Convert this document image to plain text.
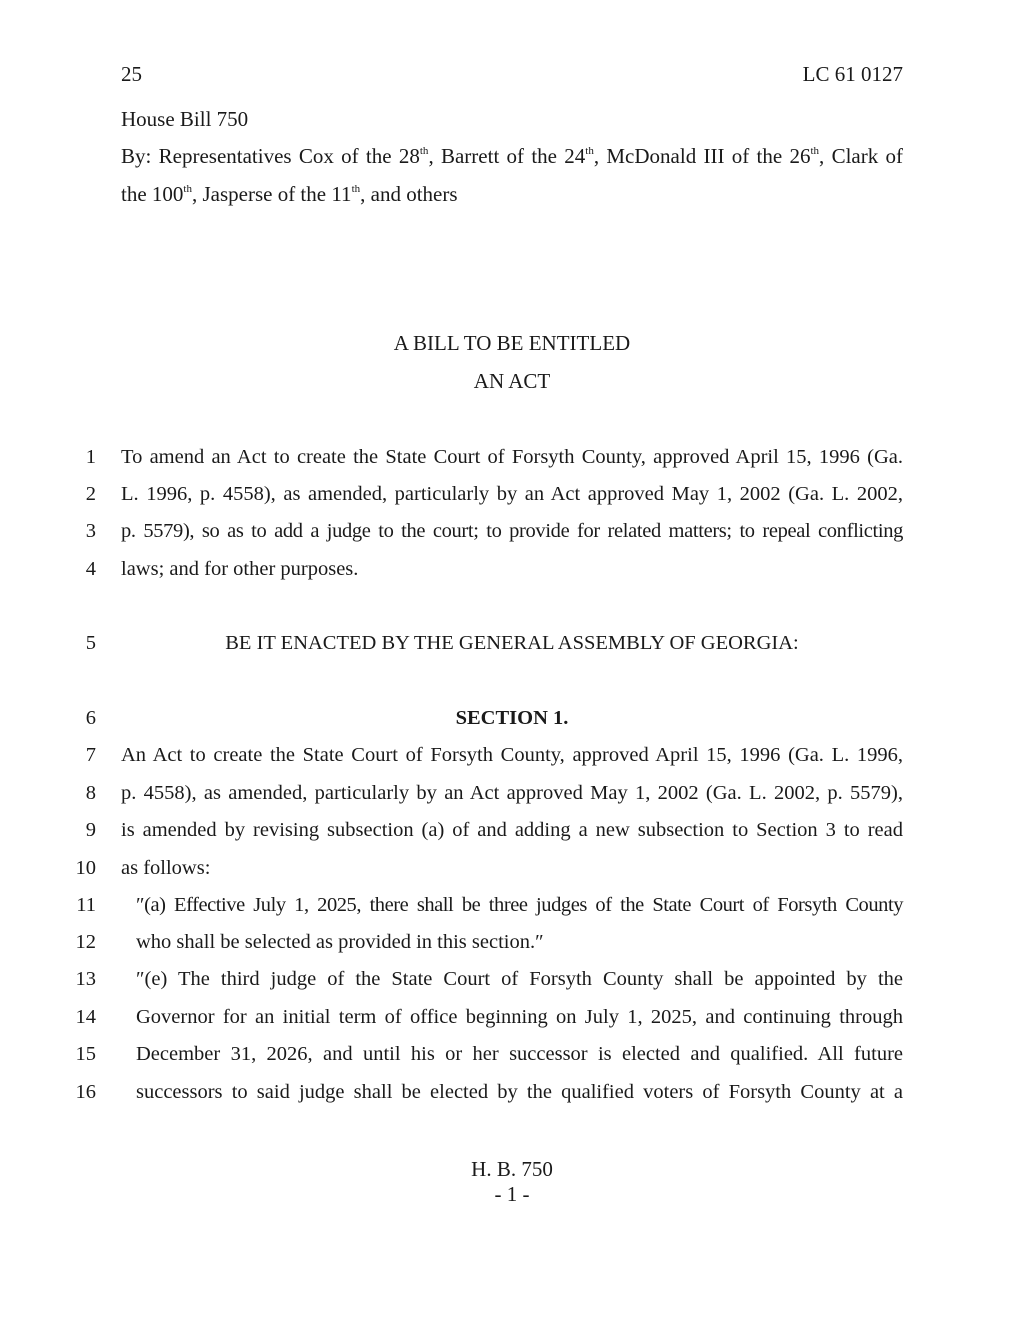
25	LC 61 0127
House Bill 750
By: Representatives Cox of the 28th, Barrett of the 24th, McDonald III of the 26th, Clark of
the 100th, Jasperse of the 11th, and others
A BILL TO BE ENTITLED
AN ACT
1 To amend an Act to create the State Court of Forsyth County, approved April 15, 1996 (Ga.
2 L. 1996, p. 4558), as amended, particularly by an Act approved May 1, 2002 (Ga. L. 2002,
3 p. 5579), so as to add a judge to the court; to provide for related matters; to repeal conflicting
4 laws; and for other purposes.
5	BE IT ENACTED BY THE GENERAL ASSEMBLY OF GEORGIA:
6	SECTION 1.
7 An Act to create the State Court of Forsyth County, approved April 15, 1996 (Ga. L. 1996,
8 p. 4558), as amended, particularly by an Act approved May 1, 2002 (Ga. L. 2002, p. 5579),
9 is amended by revising subsection (a) of and adding a new subsection to Section 3 to read
10 as follows:
11 ″(a) Effective July 1, 2025, there shall be three judges of the State Court of Forsyth County
12 who shall be selected as provided in this section.″
13 ″(e) The third judge of the State Court of Forsyth County shall be appointed by the
14 Governor for an initial term of office beginning on July 1, 2025, and continuing through
15 December 31, 2026, and until his or her successor is elected and qualified. All future
16 successors to said judge shall be elected by the qualified voters of Forsyth County at a
H. B. 750
- 1 -
